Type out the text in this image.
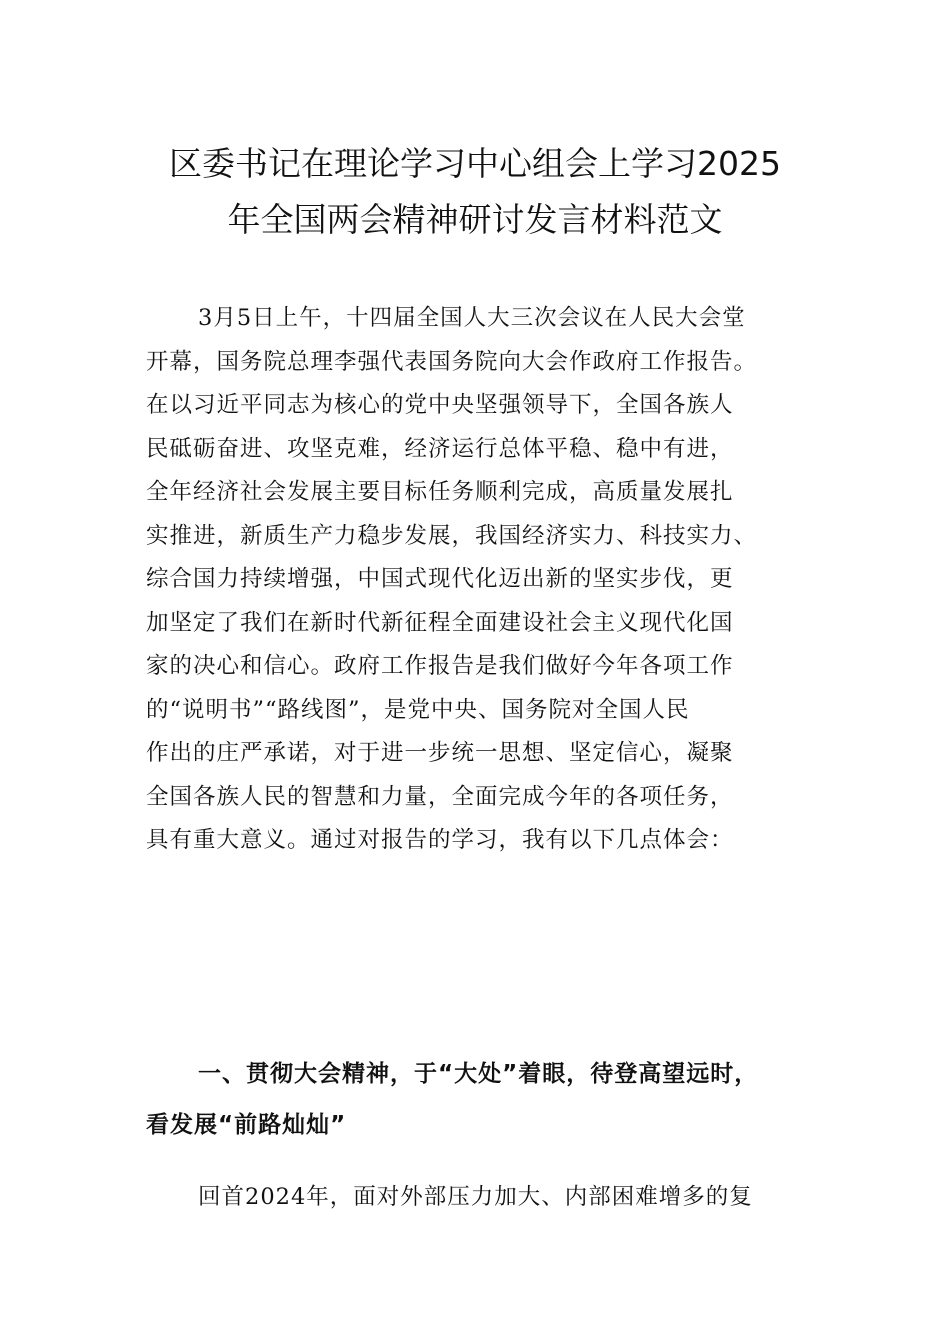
区委书记在理论学习中心组会上学习2025
年全国两会精神研讨发言材料范文
3月5日上午，十四届全国人大三次会议在人民大会堂
开幕，国务院总理李强代表国务院向大会作政府工作报告。
在以习近平同志为核心的党中央坚强领导下，全国各族人
民砥砺奋进、攻坚克难，经济运行总体平稳、稳中有进，
全年经济社会发展主要目标任务顺利完成，高质量发展扎
实推进，新质生产力稳步发展，我国经济实力、科技实力、
综合国力持续增强，中国式现代化迈出新的坚实步伐，更
加坚定了我们在新时代新征程全面建设社会主义现代化国
家的决心和信心。政府工作报告是我们做好今年各项工作
的“说明书”“路线图”，是党中央、国务院对全国人民
作出的庄严承诺，对于进一步统一思想、坚定信心，凝聚
全国各族人民的智慧和力量，全面完成今年的各项任务，
具有重大意义。通过对报告的学习，我有以下几点体会：
一、贯彻大会精神，于“大处”着眼，待登高望远时，
看发展“前路灿灿”
回首2024年，面对外部压力加大、内部困难增多的复
